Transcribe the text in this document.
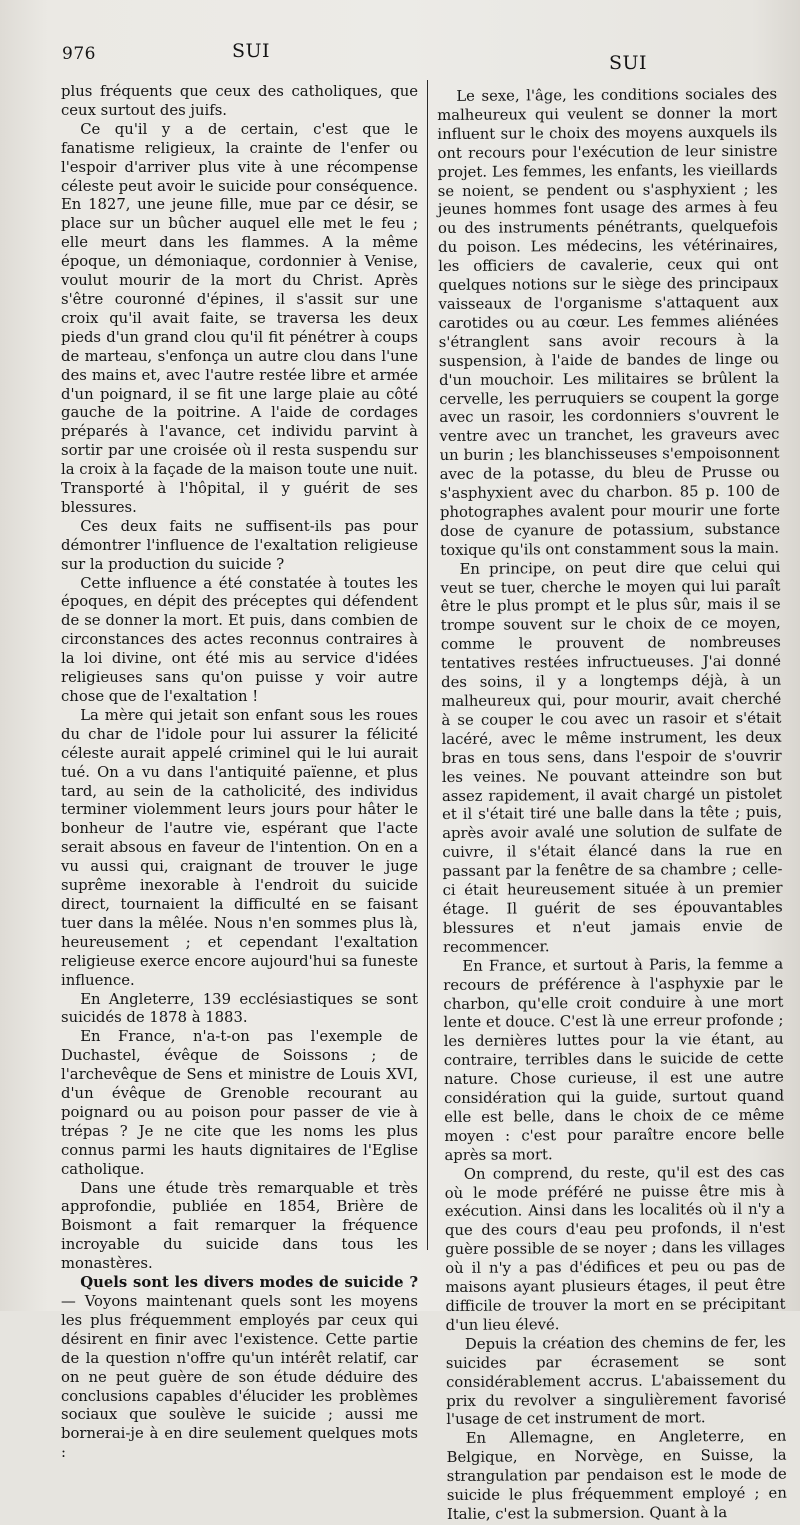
976	SUI
SUI

plus fréquents que ceux des catholiques, que ceux surtout des juifs.

Ce qu'il y a de certain, c'est que le fanatisme religieux, la crainte de l'enfer ou l'espoir d'arriver plus vite à une récompense céleste peut avoir le suicide pour conséquence. En 1827, une jeune fille, mue par ce désir, se place sur un bûcher auquel elle met le feu ; elle meurt dans les flammes. A la même époque, un démoniaque, cordonnier à Venise, voulut mourir de la mort du Christ. Après s'être couronné d'épines, il s'assit sur une croix qu'il avait faite, se traversa les deux pieds d'un grand clou qu'il fit pénétrer à coups de marteau, s'enfonça un autre clou dans l'une des mains et, avec l'autre restée libre et armée d'un poignard, il se fit une large plaie au côté gauche de la poitrine. A l'aide de cordages préparés à l'avance, cet individu parvint à sortir par une croisée où il resta suspendu sur la croix à la façade de la maison toute une nuit. Transporté à l'hôpital, il y guérit de ses blessures.

Ces deux faits ne suffisent-ils pas pour démontrer l'influence de l'exaltation religieuse sur la production du suicide ?

Cette influence a été constatée à toutes les époques, en dépit des préceptes qui défendent de se donner la mort. Et puis, dans combien de circonstances des actes reconnus contraires à la loi divine, ont été mis au service d'idées religieuses sans qu'on puisse y voir autre chose que de l'exaltation !

La mère qui jetait son enfant sous les roues du char de l'idole pour lui assurer la félicité céleste aurait appelé criminel qui le lui aurait tué. On a vu dans l'antiquité païenne, et plus tard, au sein de la catholicité, des individus terminer violemment leurs jours pour hâter le bonheur de l'autre vie, espérant que l'acte serait absous en faveur de l'intention. On en a vu aussi qui, craignant de trouver le juge suprême inexorable à l'endroit du suicide direct, tournaient la difficulté en se faisant tuer dans la mêlée. Nous n'en sommes plus là, heureusement ; et cependant l'exaltation religieuse exerce encore aujourd'hui sa funeste influence.

En Angleterre, 139 ecclésiastiques se sont suicidés de 1878 à 1883.

En France, n'a-t-on pas l'exemple de Duchastel, évêque de Soissons ; de l'archevêque de Sens et ministre de Louis XVI, d'un évêque de Grenoble recourant au poignard ou au poison pour passer de vie à trépas ? Je ne cite que les noms les plus connus parmi les hauts dignitaires de l'Eglise catholique.

Dans une étude très remarquable et très approfondie, publiée en 1854, Brière de Boismont a fait remarquer la fréquence incroyable du suicide dans tous les monastères.

Quels sont les divers modes de suicide ? — Voyons maintenant quels sont les moyens les plus fréquemment employés par ceux qui désirent en finir avec l'existence. Cette partie de la question n'offre qu'un intérêt relatif, car on ne peut guère de son étude déduire des conclusions capables d'élucider les problèmes sociaux que soulève le suicide ; aussi me bornerai-je à en dire seulement quelques mots :

Le sexe, l'âge, les conditions sociales des malheureux qui veulent se donner la mort influent sur le choix des moyens auxquels ils ont recours pour l'exécution de leur sinistre projet. Les femmes, les enfants, les vieillards se noient, se pendent ou s'asphyxient ; les jeunes hommes font usage des armes à feu ou des instruments pénétrants, quelquefois du poison. Les médecins, les vétérinaires, les officiers de cavalerie, ceux qui ont quelques notions sur le siège des principaux vaisseaux de l'organisme s'attaquent aux carotides ou au cœur. Les femmes aliénées s'étranglent sans avoir recours à la suspension, à l'aide de bandes de linge ou d'un mouchoir. Les militaires se brûlent la cervelle, les perruquiers se coupent la gorge avec un rasoir, les cordonniers s'ouvrent le ventre avec un tranchet, les graveurs avec un burin ; les blanchisseuses s'empoisonnent avec de la potasse, du bleu de Prusse ou s'asphyxient avec du charbon. 85 p. 100 de photographes avalent pour mourir une forte dose de cyanure de potassium, substance toxique qu'ils ont constamment sous la main.

En principe, on peut dire que celui qui veut se tuer, cherche le moyen qui lui paraît être le plus prompt et le plus sûr, mais il se trompe souvent sur le choix de ce moyen, comme le prouvent de nombreuses tentatives restées infructueuses. J'ai donné des soins, il y a longtemps déjà, à un malheureux qui, pour mourir, avait cherché à se couper le cou avec un rasoir et s'était lacéré, avec le même instrument, les deux bras en tous sens, dans l'espoir de s'ouvrir les veines. Ne pouvant atteindre son but assez rapidement, il avait chargé un pistolet et il s'était tiré une balle dans la tête ; puis, après avoir avalé une solution de sulfate de cuivre, il s'était élancé dans la rue en passant par la fenêtre de sa chambre ; celle-ci était heureusement située à un premier étage. Il guérit de ses épouvantables blessures et n'eut jamais envie de recommencer.

En France, et surtout à Paris, la femme a recours de préférence à l'asphyxie par le charbon, qu'elle croit conduire à une mort lente et douce. C'est là une erreur profonde ; les dernières luttes pour la vie étant, au contraire, terribles dans le suicide de cette nature. Chose curieuse, il est une autre considération qui la guide, surtout quand elle est belle, dans le choix de ce même moyen : c'est pour paraître encore belle après sa mort.

On comprend, du reste, qu'il est des cas où le mode préféré ne puisse être mis à exécution. Ainsi dans les localités où il n'y a que des cours d'eau peu profonds, il n'est guère possible de se noyer ; dans les villages où il n'y a pas d'édifices et peu ou pas de maisons ayant plusieurs étages, il peut être difficile de trouver la mort en se précipitant d'un lieu élevé.

Depuis la création des chemins de fer, les suicides par écrasement se sont considérablement accrus. L'abaissement du prix du revolver a singulièrement favorisé l'usage de cet instrument de mort.

En Allemagne, en Angleterre, en Belgique, en Norvège, en Suisse, la strangulation par pendaison est le mode de suicide le plus fréquemment employé ; en Italie, c'est la submersion. Quant à la
